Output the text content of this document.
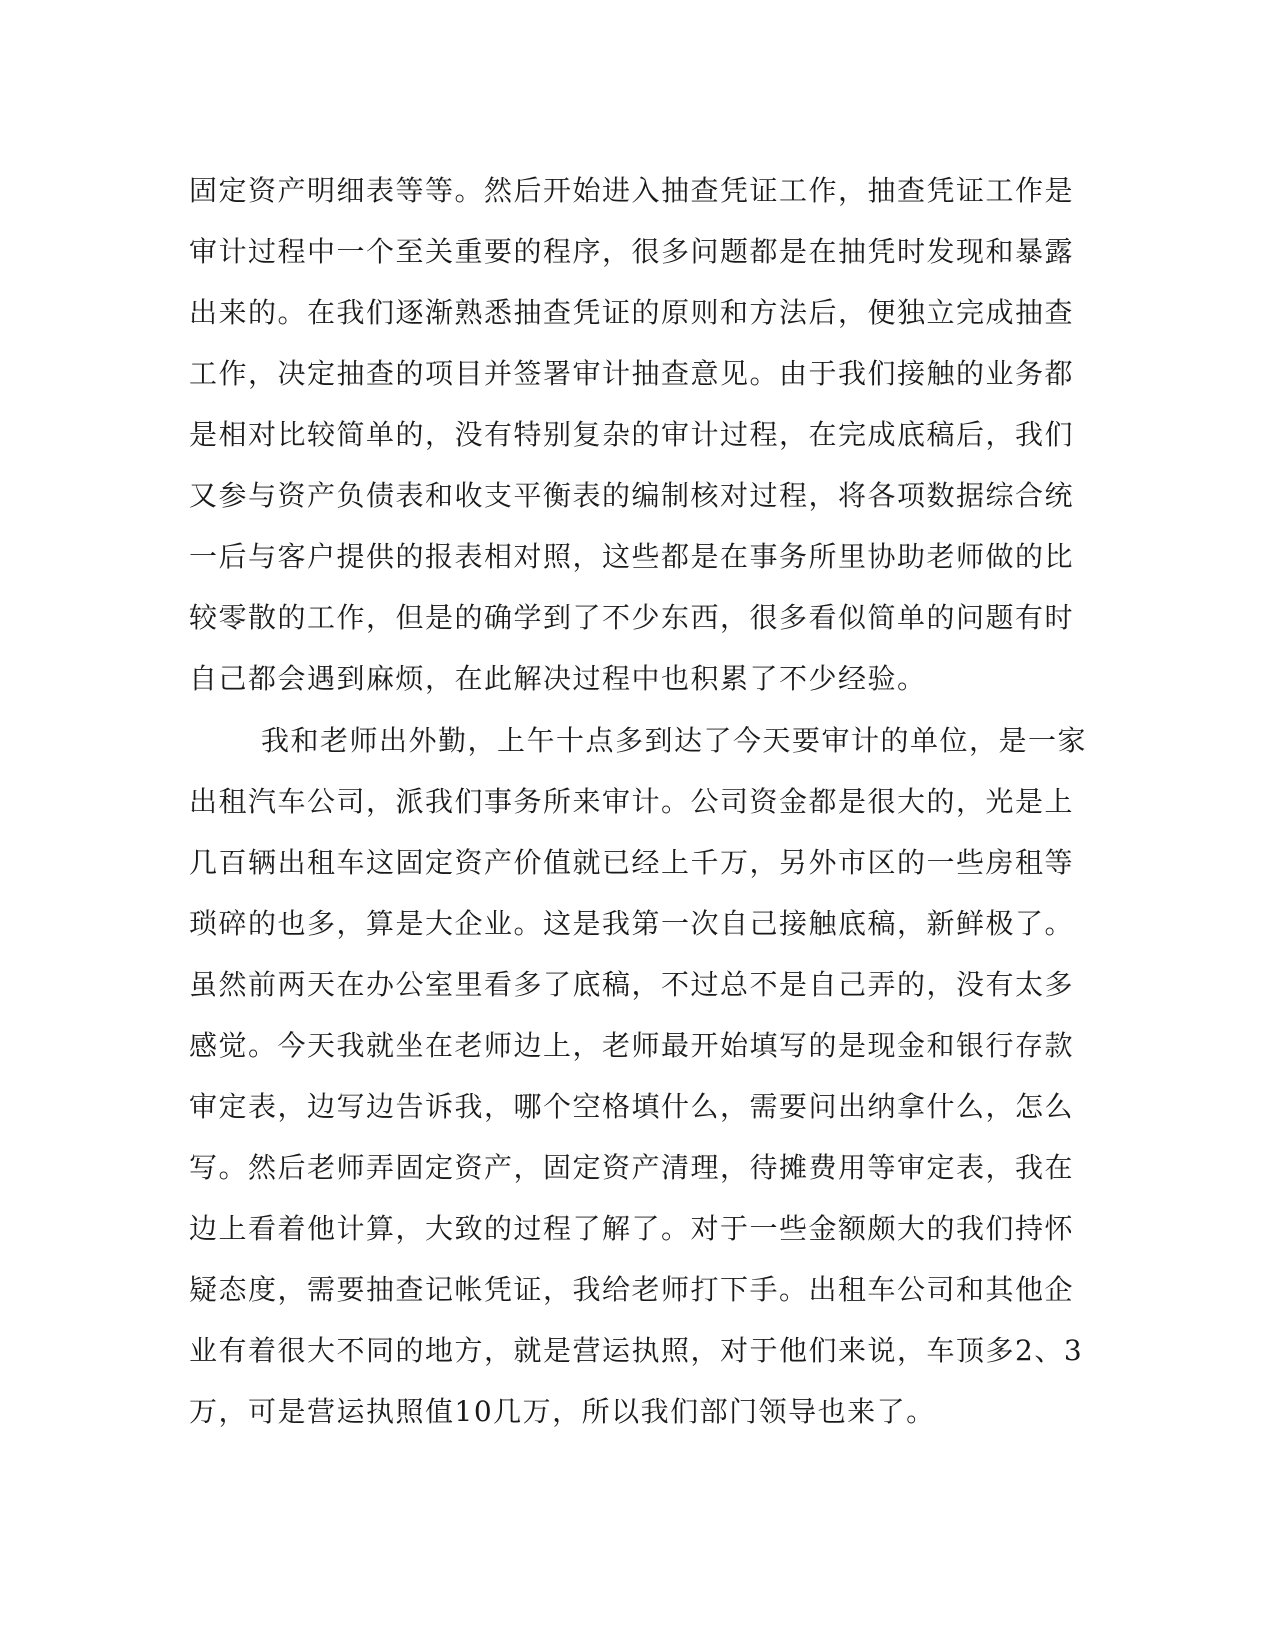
固定资产明细表等等。然后开始进入抽查凭证工作，抽查凭证工作是
审计过程中一个至关重要的程序，很多问题都是在抽凭时发现和暴露
出来的。在我们逐渐熟悉抽查凭证的原则和方法后，便独立完成抽查
工作，决定抽查的项目并签署审计抽查意见。由于我们接触的业务都
是相对比较简单的，没有特别复杂的审计过程，在完成底稿后，我们
又参与资产负债表和收支平衡表的编制核对过程，将各项数据综合统
一后与客户提供的报表相对照，这些都是在事务所里协助老师做的比
较零散的工作，但是的确学到了不少东西，很多看似简单的问题有时
自己都会遇到麻烦，在此解决过程中也积累了不少经验。
我和老师出外勤，上午十点多到达了今天要审计的单位，是一家
出租汽车公司，派我们事务所来审计。公司资金都是很大的，光是上
几百辆出租车这固定资产价值就已经上千万，另外市区的一些房租等
琐碎的也多，算是大企业。这是我第一次自己接触底稿，新鲜极了。
虽然前两天在办公室里看多了底稿，不过总不是自己弄的，没有太多
感觉。今天我就坐在老师边上，老师最开始填写的是现金和银行存款
审定表，边写边告诉我，哪个空格填什么，需要问出纳拿什么，怎么
写。然后老师弄固定资产，固定资产清理，待摊费用等审定表，我在
边上看着他计算，大致的过程了解了。对于一些金额颇大的我们持怀
疑态度，需要抽查记帐凭证，我给老师打下手。出租车公司和其他企
业有着很大不同的地方，就是营运执照，对于他们来说，车顶多2、3
万，可是营运执照值10几万，所以我们部门领导也来了。
